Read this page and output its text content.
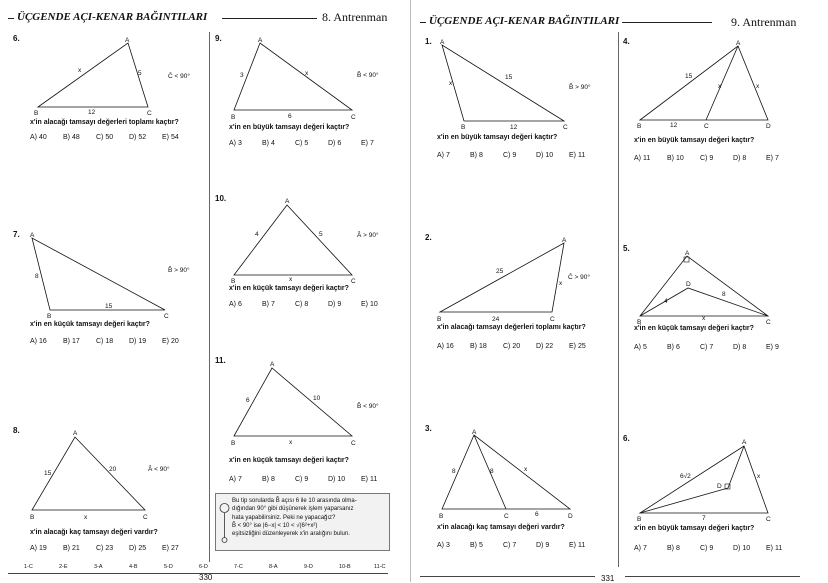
ÜÇGENDE AÇI-KENAR BAĞINTILARI	8. Antrenman	ÜÇGENDE AÇI-KENAR BAĞINTILARI	9. Antrenman
6.
B
A
C
x	5
12
Ĉ < 90°
x'in alacağı tamsayı değerleri toplamı kaçtır?
A) 40	B) 48	C) 50	D) 52	E) 54
7. A
B	C
8
15
B̂ > 90°
x'in en küçük tamsayı değeri kaçtır?
A) 16	B) 17	C) 18	D) 19	E) 20
8.
B
A
C
x
15
20	Â < 90°
x'in alacağı kaç tamsayı değeri vardır?
A) 19	B) 21	C) 23	D) 25	E) 27
9.
B
A
C
x
3
6
B̂ < 90°
x'in en büyük tamsayı değeri kaçtır?
A) 3	B) 4	C) 5	D) 6	E) 7
10.
B
A
C
x
4	5	Â > 90°
x'in en küçük tamsayı değeri kaçtır?
A) 6	B) 7	C) 8	D) 9	E) 10
11.
B
A
C
x
6	10
B̂ < 90°
x'in en küçük tamsayı değeri kaçtır?
A) 7	B) 8	C) 9	D) 10	E) 11
Bu tip sorularda B̂ açısı 6 ile 10 arasında olma-
dığından 90° gibi düşünerek işlem yaparsanız
hata yapabilirsiniz. Peki ne yapacağız?
B̂ < 90° ise |6−x| < 10 < √(6²+x²)
eşitsizliğini düzenleyerek x'in aralığını bulun.
1-C	2-E	3-A	4-B	5-D	6-D	7-C	8-A	9-D	10-B	11-C
330
1. A
B	C
x
15
12
B̂ > 90°
x'in en büyük tamsayı değeri kaçtır?
A) 7	B) 8	C) 9	D) 10	E) 11
2.
B
A
C
x
25
24
Ĉ > 90°
x'in alacağı tamsayı değerleri toplamı kaçtır?
A) 16	B) 18	C) 20	D) 22	E) 25
3.
B
A
C	D
x
8	8
6
x'in alacağı kaç tamsayı değeri vardır?
A) 3	B) 5	C) 7	D) 9	E) 11
4.
B
A
C	D
x	x
15
12
x'in en büyük tamsayı değeri kaçtır?
A) 11	B) 10	C) 9	D) 8	E) 7
5.
B
A
C
D
x
4
8
x'in en küçük tamsayı değeri kaçtır?
A) 5	B) 6	C) 7	D) 8	E) 9
6.
B
A
C
D
x
6√2
7
x'in en büyük tamsayı değeri kaçtır?
A) 7	B) 8	C) 9	D) 10	E) 11
331
